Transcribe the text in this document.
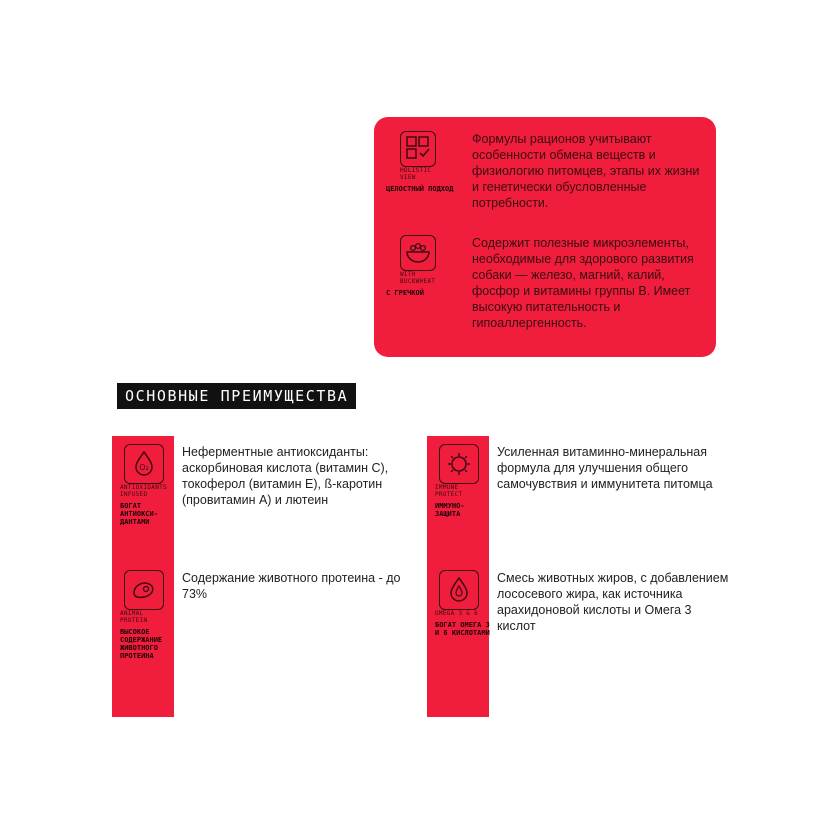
HOLISTIC VIEW
ЦЕЛОСТНЫЙ ПОДХОД
Формулы рационов учитывают особенности обмена веществ и физиологию питомцев, этапы их жизни и генетически обусловленные потребности.
WITH BUCKWHEAT
С ГРЕЧКОЙ
Содержит полезные микроэлементы, необходимые для здорового развития собаки — железо, магний, калий, фосфор и витамины группы В. Имеет высокую питательность и гипоаллергенность.
ОСНОВНЫЕ ПРЕИМУЩЕСТВА
O₂
ANTIOXIDANTS INFUSED
БОГАТ АНТИОКСИ-ДАНТАМИ
Неферментные антиоксиданты: аскорбиновая кислота (витамин С), токоферол (витамин Е), ß-каротин (провитамин А) и лютеин
ANIMAL PROTEIN
ВЫСОКОЕ СОДЕРЖАНИЕ ЖИВОТНОГО ПРОТЕИНА
Содержание животного протеина - до 73%
IMMUNE PROTECT
ИММУНО-ЗАЩИТА
Усиленная витаминно-минеральная формула для улучшения общего самочувствия и иммунитета питомца
OMEGA 3 & 6
БОГАТ ОМЕГА 3 И 6 КИСЛОТАМИ
Смесь животных жиров, с добавлением лососевого жира, как источника арахидоновой кислоты и Омега 3 кислот
